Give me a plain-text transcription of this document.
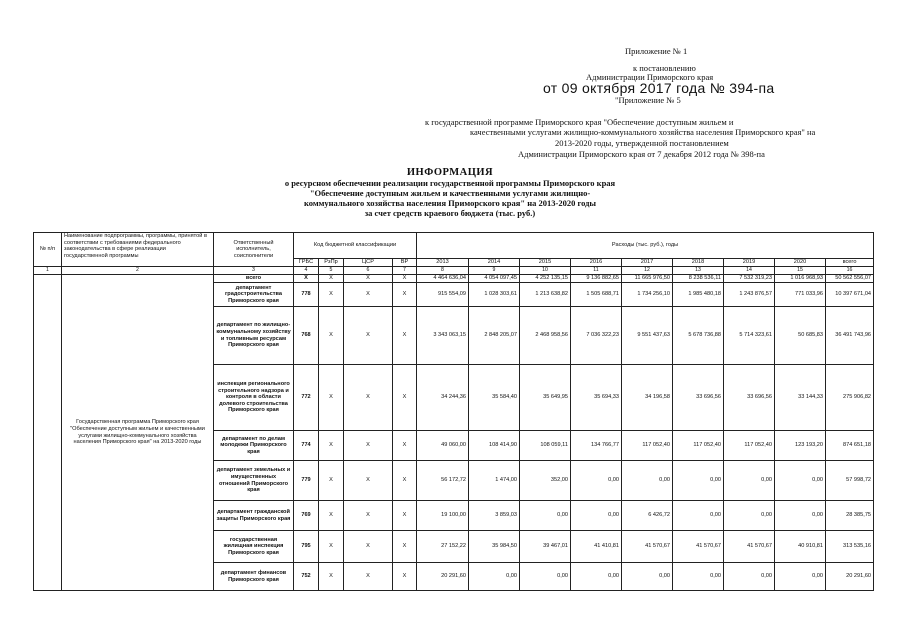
Приложение № 1
к постановлению
Администрации Приморского края
от 09 октября 2017 года № 394-па
"Приложение № 5
к государственной программе Приморского края "Обеспечение доступным жильем и
качественными услугами жилищно-коммунального хозяйства населения Приморского края" на
2013-2020 годы, утвержденной постановлением
Администрации Приморского края от 7 декабря 2012 года № 398-па
ИНФОРМАЦИЯ
о ресурсном обеспечении реализации государственной программы Приморского края
"Обеспечение доступным жильем и качественными услугами жилищно-
коммунального хозяйства населения Приморского края" на 2013-2020 годы
за счет средств краевого бюджета (тыс. руб.)
№ п/п	Наименование подпрограммы, программы, принятой в соответствии с требованиями федерального законодательства в сфере реализации государственной программы	Ответственный исполнитель, соисполнители	Код бюджетной классификации				Расходы (тыс. руб.), годы								
			ГРБС	РзПр	ЦСР	ВР	2013	2014	2015	2016	2017	2018	2019	2020	всего
1	2	3	4	5	6	7	8	9	10	11	12	13	14	15	16
	Государственная программа Приморского края "Обеспечение доступным жильем и качественными услугами жилищно-коммунального хозяйства населения Приморского края" на 2013-2020 годы	всего	X	X	X	X	4 464 636,04	4 054 097,45	4 252 135,15	9 136 882,65	11 665 976,50	8 238 536,11	7 532 319,23	1 016 968,93	50 562 556,07
		департамент градостроительства Приморского края	778	X	X	X	915 554,09	1 028 303,61	1 213 638,82	1 505 688,71	1 734 256,10	1 985 480,18	1 243 876,57	771 033,96	10 397 671,04
		департамент по жилищно-коммунальному хозяйству и топливным ресурсам Приморского края	768	X	X	X	3 343 063,15	2 848 205,07	2 468 958,56	7 036 322,23	9 551 437,63	5 678 736,88	5 714 323,61	50 685,83	36 491 743,96
		инспекция регионального строительного надзора и контроля в области долевого строительства Приморского края	772	X	X	X	34 244,36	35 584,40	35 649,95	35 694,33	34 196,58	33 696,56	33 696,56	33 144,33	275 906,82
		департамент по делам молодежи Приморского края	774	X	X	X	49 060,00	108 414,90	108 059,11	134 766,77	117 052,40	117 052,40	117 052,40	123 193,20	874 651,18
		департамент земельных и имущественных отношений Приморского края	779	X	X	X	56 172,72	1 474,00	352,00	0,00	0,00	0,00	0,00	0,00	57 998,72
		департамент гражданской защиты Приморского края	769	X	X	X	19 100,00	3 859,03	0,00	0,00	6 426,72	0,00	0,00	0,00	28 385,75
		государственная жилищная инспекция Приморского края	795	X	X	X	27 152,22	35 984,50	39 467,01	41 410,81	41 570,67	41 570,67	41 570,67	40 910,81	313 535,16
		департамент финансов Приморского края	752	X	X	X	20 291,60	0,00	0,00	0,00	0,00	0,00	0,00	0,00	20 291,60
